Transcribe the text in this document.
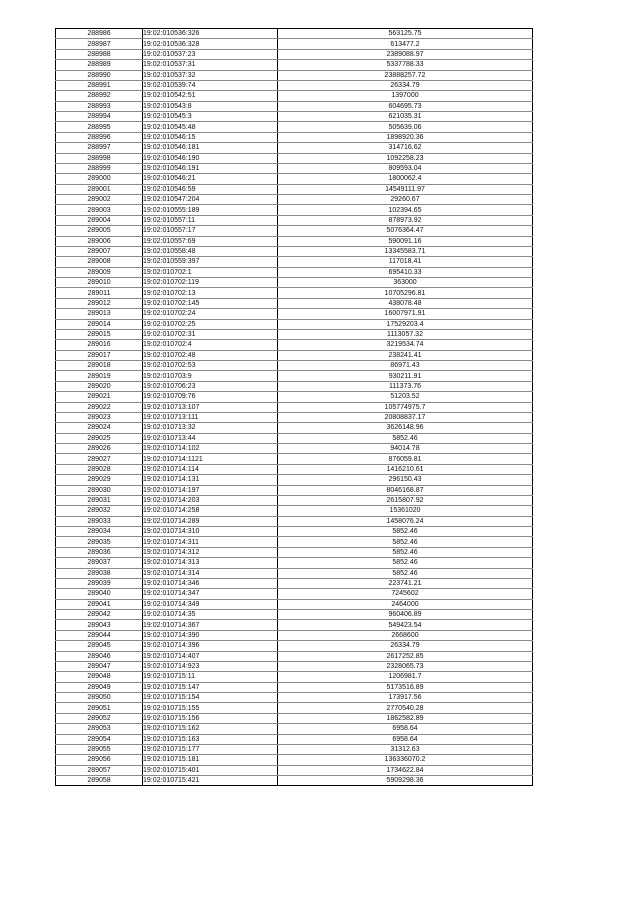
288986	19:02:010536:326	563125.75
288987	19:02:010536:328	613477.2
288988	19:02:010537:23	2389088.97
288989	19:02:010537:31	5337788.33
288990	19:02:010537:32	23888257.72
288991	19:02:010539:74	26334.79
288992	19:02:010542:51	1397000
288993	19:02:010543:8	604695.73
288994	19:02:010545:3	621035.31
288995	19:02:010545:48	505639.06
288996	19:02:010546:15	1898920.36
288997	19:02:010546:181	314716.62
288998	19:02:010546:190	1092258.23
288999	19:02:010546:191	809593.04
289000	19:02:010546:21	1800062.4
289001	19:02:010546:59	14549111.97
289002	19:02:010547:204	29260.67
289003	19:02:010555:189	102394.65
289004	19:02:010557:11	878973.92
289005	19:02:010557:17	5076364.47
289006	19:02:010557:69	590091.16
289007	19:02:010558:48	13345583.71
289008	19:02:010559:397	117018.41
289009	19:02:010702:1	695410.33
289010	19:02:010702:119	363000
289011	19:02:010702:13	10705296.81
289012	19:02:010702:145	438078.48
289013	19:02:010702:24	16007971.91
289014	19:02:010702:25	17529203.4
289015	19:02:010702:31	1113057.32
289016	19:02:010702:4	3219534.74
289017	19:02:010702:48	238241.41
289018	19:02:010702:53	86971.43
289019	19:02:010703:9	930211.91
289020	19:02:010706:23	111373.76
289021	19:02:010709:76	51203.52
289022	19:02:010713:107	105774975.7
289023	19:02:010713:111	20808837.17
289024	19:02:010713:32	3626148.96
289025	19:02:010713:44	5852.46
289026	19:02:010714:102	94014.78
289027	19:02:010714:1121	876059.81
289028	19:02:010714:114	1416210.61
289029	19:02:010714:131	296150.43
289030	19:02:010714:197	8046168.87
289031	19:02:010714:203	2615807.92
289032	19:02:010714:258	15361020
289033	19:02:010714:289	1458076.24
289034	19:02:010714:310	5852.46
289035	19:02:010714:311	5852.46
289036	19:02:010714:312	5852.46
289037	19:02:010714:313	5852.46
289038	19:02:010714:314	5852.46
289039	19:02:010714:346	223741.21
289040	19:02:010714:347	7245602
289041	19:02:010714:349	2464000
289042	19:02:010714:35	960406.89
289043	19:02:010714:367	549423.54
289044	19:02:010714:390	2668600
289045	19:02:010714:396	26334.79
289046	19:02:010714:407	2617252.85
289047	19:02:010714:923	2328065.73
289048	19:02:010715:11	1206981.7
289049	19:02:010715:147	5173516.89
289050	19:02:010715:154	173917.56
289051	19:02:010715:155	2770540.28
289052	19:02:010715:156	1862582.89
289053	19:02:010715:162	6958.64
289054	19:02:010715:163	6958.64
289055	19:02:010715:177	31312.63
289056	19:02:010715:181	136336070.2
289057	19:02:010715:401	1734622.84
289058	19:02:010715:421	5909298.36
